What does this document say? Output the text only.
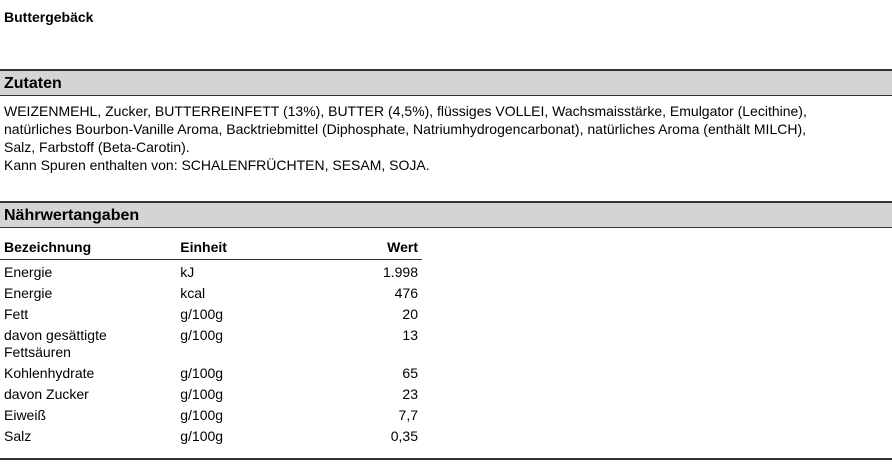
Buttergebäck
Zutaten
WEIZENMEHL, Zucker, BUTTERREINFETT (13%), BUTTER (4,5%), flüssiges VOLLEI, Wachsmaisstärke, Emulgator (Lecithine),
natürliches Bourbon-Vanille Aroma, Backtriebmittel (Diphosphate, Natriumhydrogencarbonat), natürliches Aroma (enthält MILCH),
Salz, Farbstoff (Beta-Carotin).
Kann Spuren enthalten von: SCHALENFRÜCHTEN, SESAM, SOJA.
Nährwertangaben
Bezeichnung	Einheit	Wert
Energie	kJ	1.998
Energie	kcal	476
Fett	g/100g	20
davon gesättigte Fettsäuren	g/100g	13
Kohlenhydrate	g/100g	65
davon Zucker	g/100g	23
Eiweiß	g/100g	7,7
Salz	g/100g	0,35
